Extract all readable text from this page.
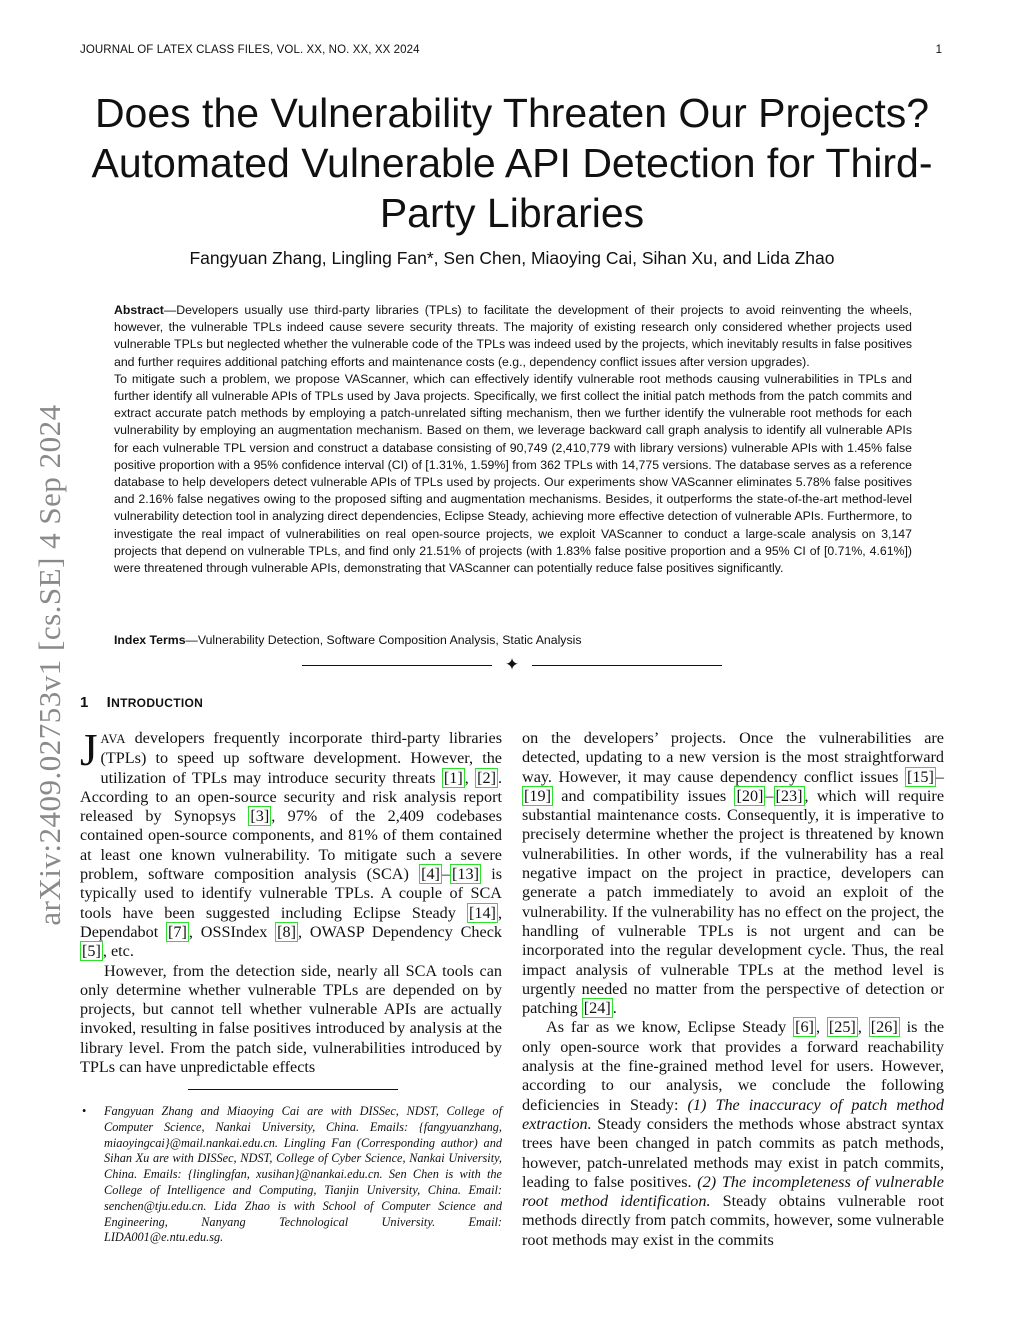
JOURNAL OF LATEX CLASS FILES, VOL. XX, NO. XX, XX 2024	1
arXiv:2409.02753v1 [cs.SE] 4 Sep 2024
Does the Vulnerability Threaten Our Projects? Automated Vulnerable API Detection for Third-Party Libraries
Fangyuan Zhang, Lingling Fan*, Sen Chen, Miaoying Cai, Sihan Xu, and Lida Zhao

Abstract—Developers usually use third-party libraries (TPLs) to facilitate the development of their projects to avoid reinventing the wheels, however, the vulnerable TPLs indeed cause severe security threats. The majority of existing research only considered whether projects used vulnerable TPLs but neglected whether the vulnerable code of the TPLs was indeed used by the projects, which inevitably results in false positives and further requires additional patching efforts and maintenance costs (e.g., dependency conflict issues after version upgrades).

To mitigate such a problem, we propose VAScanner, which can effectively identify vulnerable root methods causing vulnerabilities in TPLs and further identify all vulnerable APIs of TPLs used by Java projects. Specifically, we first collect the initial patch methods from the patch commits and extract accurate patch methods by employing a patch-unrelated sifting mechanism, then we further identify the vulnerable root methods for each vulnerability by employing an augmentation mechanism. Based on them, we leverage backward call graph analysis to identify all vulnerable APIs for each vulnerable TPL version and construct a database consisting of 90,749 (2,410,779 with library versions) vulnerable APIs with 1.45% false positive proportion with a 95% confidence interval (CI) of [1.31%, 1.59%] from 362 TPLs with 14,775 versions. The database serves as a reference database to help developers detect vulnerable APIs of TPLs used by projects. Our experiments show VAScanner eliminates 5.78% false positives and 2.16% false negatives owing to the proposed sifting and augmentation mechanisms. Besides, it outperforms the state-of-the-art method-level vulnerability detection tool in analyzing direct dependencies, Eclipse Steady, achieving more effective detection of vulnerable APIs. Furthermore, to investigate the real impact of vulnerabilities on real open-source projects, we exploit VAScanner to conduct a large-scale analysis on 3,147 projects that depend on vulnerable TPLs, and find only 21.51% of projects (with 1.83% false positive proportion and a 95% CI of [0.71%, 4.61%]) were threatened through vulnerable APIs, demonstrating that VAScanner can potentially reduce false positives significantly.

Index Terms—Vulnerability Detection, Software Composition Analysis, Static Analysis
✦
1 INTRODUCTION

JAVA developers frequently incorporate third-party libraries (TPLs) to speed up software development. However, the utilization of TPLs may introduce security threats [1] , [2] . According to an open-source security and risk analysis report released by Synopsys [3] , 97% of the 2,409 codebases contained open-source components, and 81% of them contained at least one known vulnerability. To mitigate such a severe problem, software composition analysis (SCA) [4] – [13] is typically used to identify vulnerable TPLs. A couple of SCA tools have been suggested including Eclipse Steady [14] , Dependabot [7] , OSSIndex [8] , OWASP Dependency Check [5] , etc.

However, from the detection side, nearly all SCA tools can only determine whether vulnerable TPLs are depended on by projects, but cannot tell whether vulnerable APIs are actually invoked, resulting in false positives introduced by analysis at the library level. From the patch side, vulnerabilities introduced by TPLs can have unpredictable effects

on the developers’ projects. Once the vulnerabilities are detected, updating to a new version is the most straightforward way. However, it may cause dependency conflict issues [15] –[19] and compatibility issues [20] – [23] , which will require substantial maintenance costs. Consequently, it is imperative to precisely determine whether the project is threatened by known vulnerabilities. In other words, if the vulnerability has a real negative impact on the project in practice, developers can generate a patch immediately to avoid an exploit of the vulnerability. If the vulnerability has no effect on the project, the handling of vulnerable TPLs is not urgent and can be incorporated into the regular development cycle. Thus, the real impact analysis of vulnerable TPLs at the method level is urgently needed no matter from the perspective of detection or patching [24] .

As far as we know, Eclipse Steady [6] , [25] , [26] is the only open-source work that provides a forward reachability analysis at the fine-grained method level for users. However, according to our analysis, we conclude the following deficiencies in Steady: (1) The inaccuracy of patch method extraction. Steady considers the methods whose abstract syntax trees have been changed in patch commits as patch methods, however, patch-unrelated methods may exist in patch commits, leading to false positives. (2) The incompleteness of vulnerable root method identification. Steady obtains vulnerable root methods directly from patch commits, however, some vulnerable root methods may exist in the commits

• Fangyuan Zhang and Miaoying Cai are with DISSec, NDST, College of Computer Science, Nankai University, China. Emails: {fangyuanzhang, miaoyingcai}@mail.nankai.edu.cn. Lingling Fan (Corresponding author) and Sihan Xu are with DISSec, NDST, College of Cyber Science, Nankai University, China. Emails: {linglingfan, xusihan}@nankai.edu.cn. Sen Chen is with the College of Intelligence and Computing, Tianjin University, China. Email: senchen@tju.edu.cn. Lida Zhao is with School of Computer Science and Engineering, Nanyang Technological University. Email: LIDA001@e.ntu.edu.sg.
